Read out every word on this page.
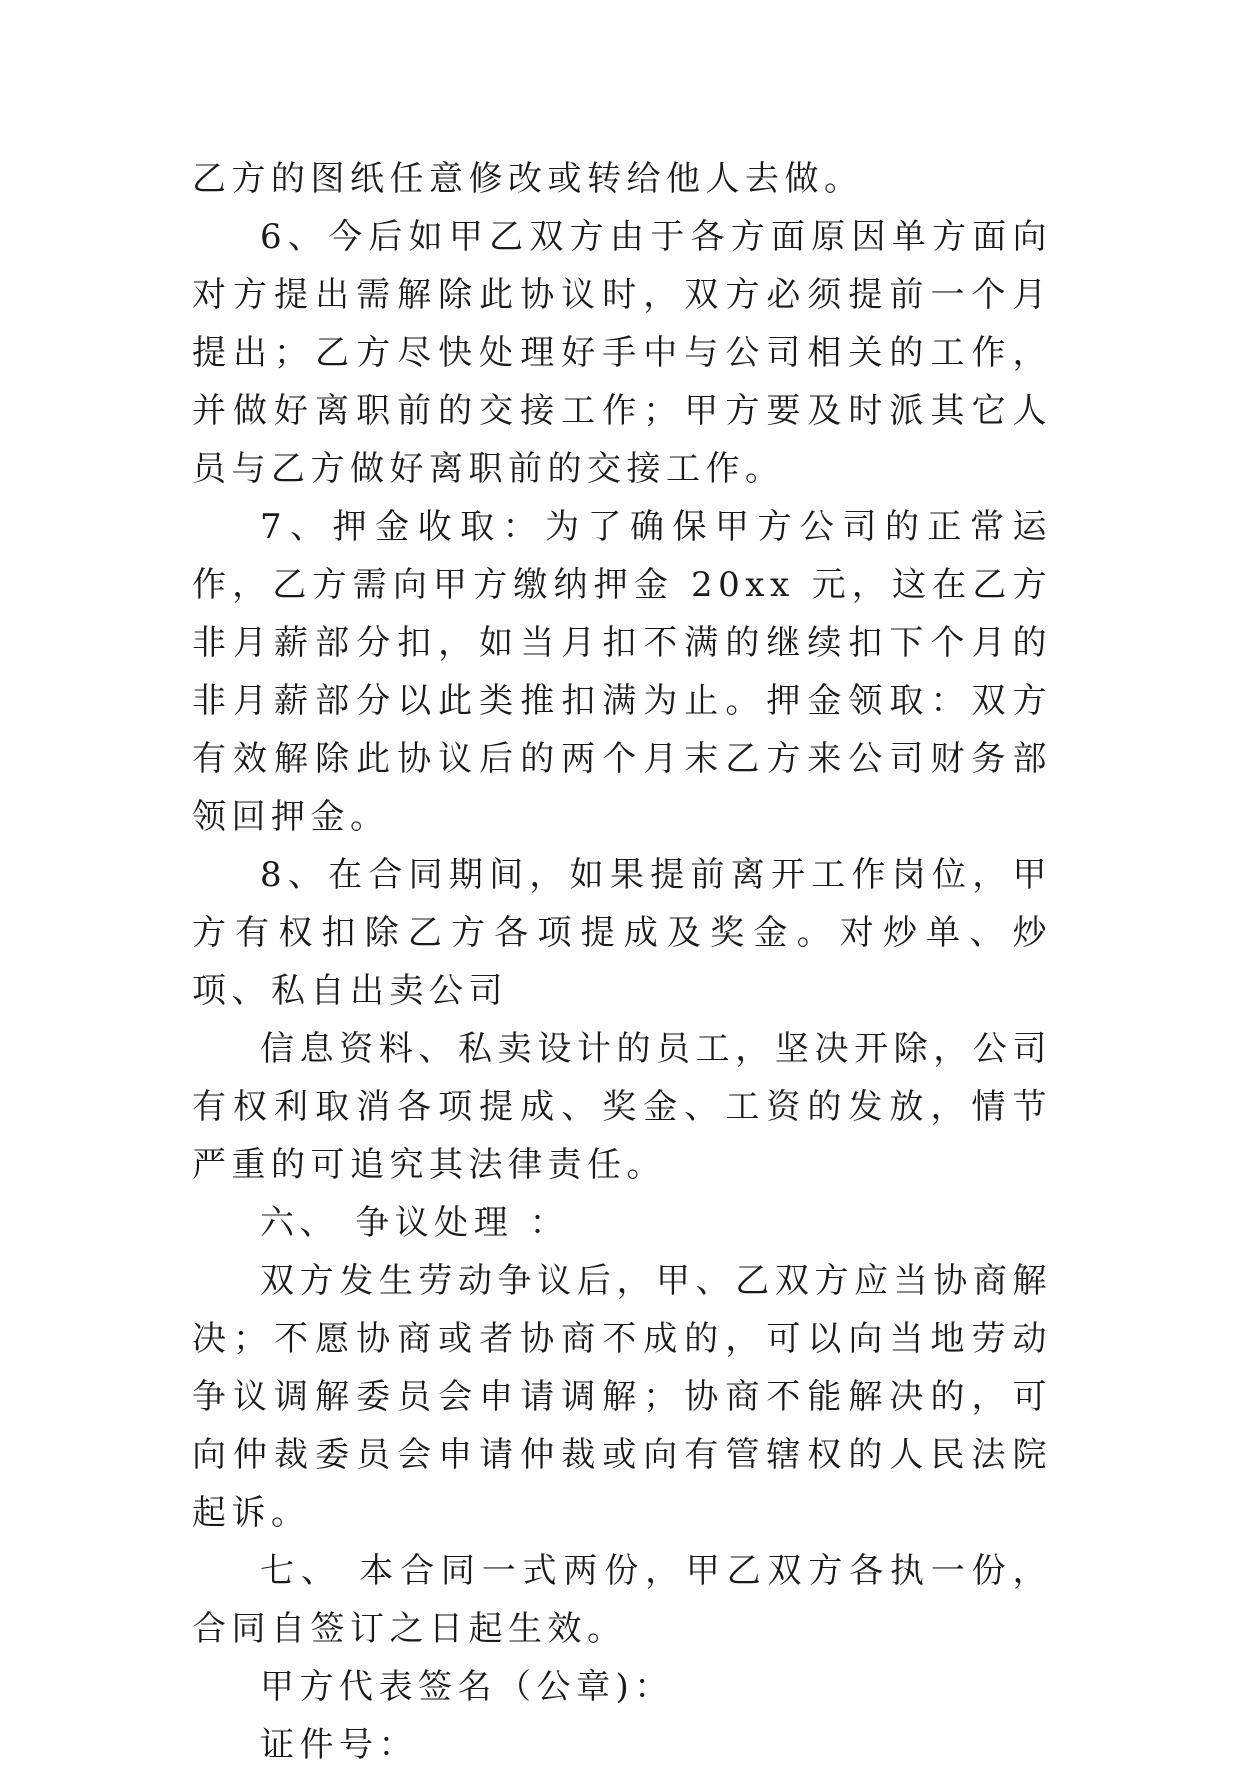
乙方的图纸任意修改或转给他人去做。

6、今后如甲乙双方由于各方面原因单方面向对方提出需解除此协议时，双方必须提前一个月提出；乙方尽快处理好手中与公司相关的工作，并做好离职前的交接工作；甲方要及时派其它人员与乙方做好离职前的交接工作。

7、押金收取：为了确保甲方公司的正常运作，乙方需向甲方缴纳押金 20xx 元，这在乙方非月薪部分扣，如当月扣不满的继续扣下个月的非月薪部分以此类推扣满为止。押金领取：双方有效解除此协议后的两个月末乙方来公司财务部领回押金。

8、在合同期间，如果提前离开工作岗位，甲方有权扣除乙方各项提成及奖金。对炒单、炒项、私自出卖公司

信息资料、私卖设计的员工，坚决开除，公司有权利取消各项提成、奖金、工资的发放，情节严重的可追究其法律责任。

六、 争议处理 ：

双方发生劳动争议后，甲、乙双方应当协商解决；不愿协商或者协商不成的，可以向当地劳动争议调解委员会申请调解；协商不能解决的，可向仲裁委员会申请仲裁或向有管辖权的人民法院起诉。

七、 本合同一式两份，甲乙双方各执一份，合同自签订之日起生效。

甲方代表签名（公章)：

证件号：
